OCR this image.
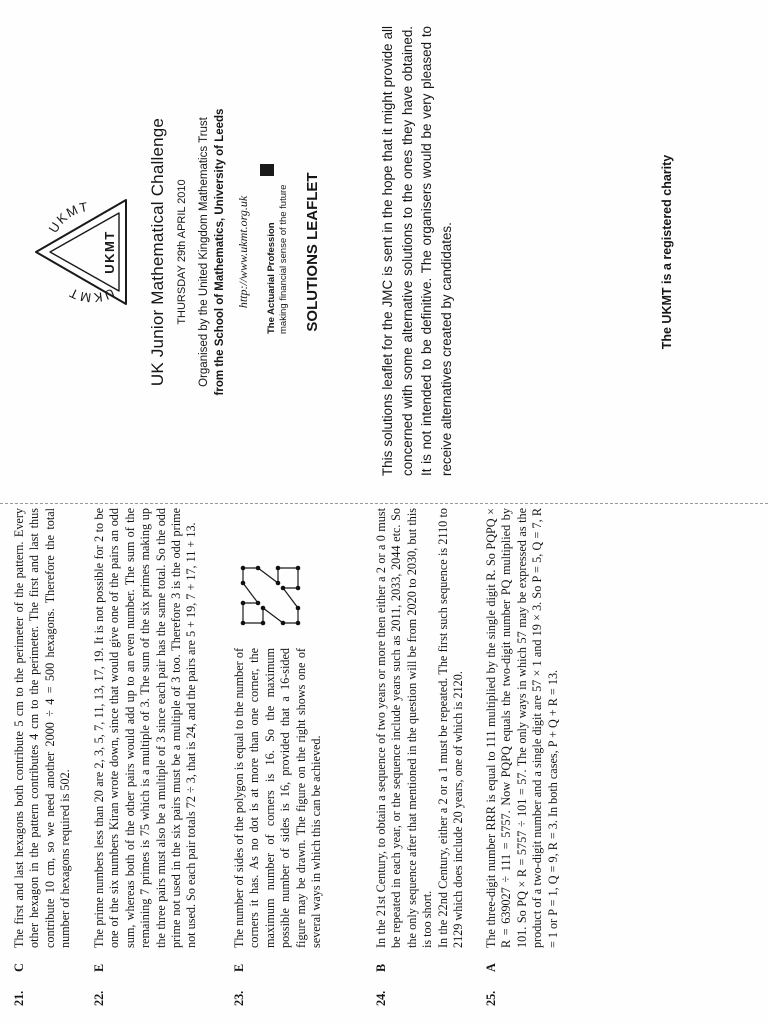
21.
C

The first and last hexagons both contribute 5 cm to the perimeter of the pattern. Every other hexagon in the pattern contributes 4 cm to the perimeter. The first and last thus contribute 10 cm, so we need another 2000 ÷ 4 = 500 hexagons. Therefore the total number of hexagons required is 502.

22.
E

The prime numbers less than 20 are 2, 3, 5, 7, 11, 13, 17, 19. It is not possible for 2 to be one of the six numbers Kiran wrote down, since that would give one of the pairs an odd sum, whereas both of the other pairs would add up to an even number. The sum of the remaining 7 primes is 75 which is a multiple of 3. The sum of the six primes making up the three pairs must also be a multiple of 3 since each pair has the same total. So the odd prime not used in the six pairs must be a multiple of 3 too. Therefore 3 is the odd prime not used. So each pair totals 72 ÷ 3, that is 24, and the pairs are 5 + 19, 7 + 17, 11 + 13.

23.
E

The number of sides of the polygon is equal to the number of corners it has. As no dot is at more than one corner, the maximum number of corners is 16. So the maximum possible number of sides is 16, provided that a 16-sided figure may be drawn. The figure on the right shows one of several ways in which this can be achieved.

24.
B

In the 21st Century, to obtain a sequence of two years or more then either a 2 or a 0 must be repeated in each year, or the sequence include years such as 2011, 2033, 2044 etc. So the only sequence after that mentioned in the question will be from 2020 to 2030, but this is too short. In the 22nd Century, either a 2 or a 1 must be repeated. The first such sequence is 2110 to 2129 which does include 20 years, one of which is 2120.

25.
A

The three-digit number RRR is equal to 111 multiplied by the single digit R. So PQPQ × R = 639027 ÷ 111 = 5757. Now PQPQ equals the two-digit number PQ multiplied by 101. So PQ × R = 5757 ÷ 101 = 57. The only ways in which 57 may be expressed as the product of a two-digit number and a single digit are 57 × 1 and 19 × 3. So P = 5, Q = 7, R = 1 or P = 1, Q = 9, R = 3. In both cases, P + Q + R = 13.

UKMT
UKMT
UKMT UK Junior Mathematical Challenge THURSDAY 29th APRIL 2010 Organised by the United Kingdom Mathematics Trust from the School of Mathematics, University of Leeds http://www.ukmt.org.uk The Actuarial Profession making financial sense of the future SOLUTIONS LEAFLET	This solutions leaflet for the JMC is sent in the hope that it might provide all concerned with some alternative solutions to the ones they have obtained. It is not intended to be definitive. The organisers would be very pleased to receive alternatives created by candidates.	The UKMT is a registered charity
